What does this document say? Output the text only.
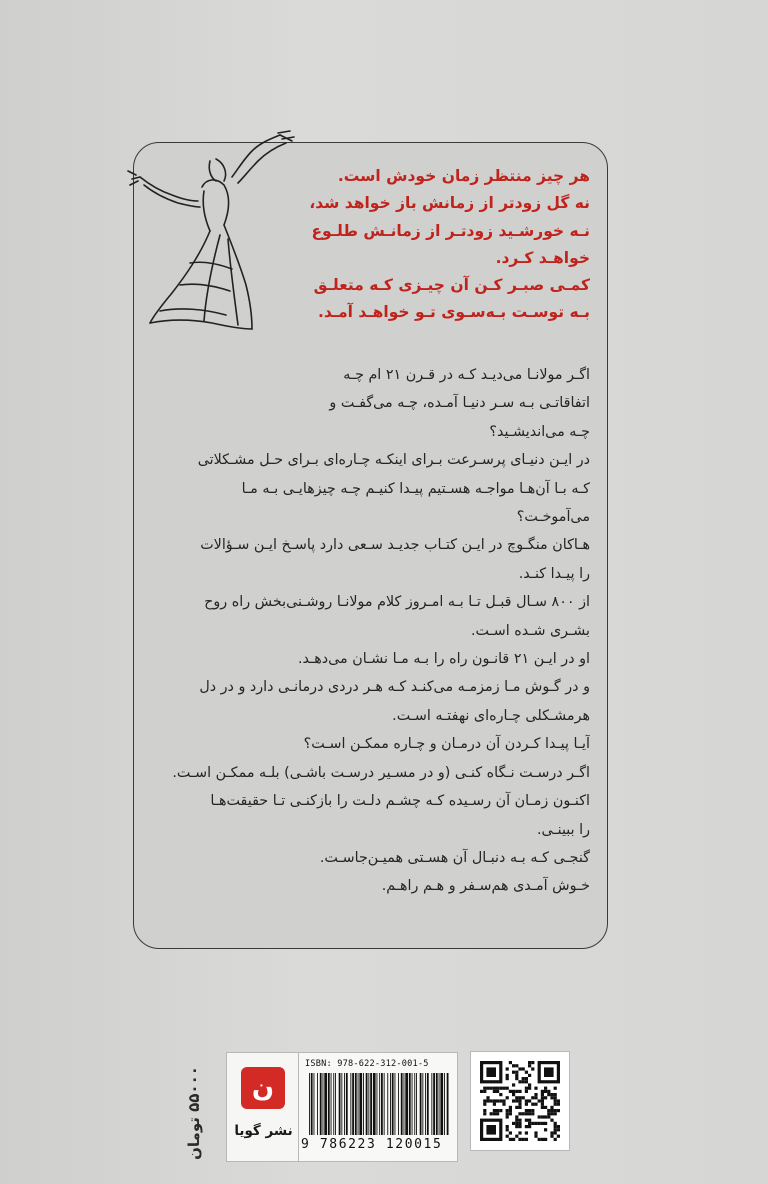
هر چیز منتظر زمان خودش است.
نه گل زودتر از زمانش باز خواهد شد،
نـه خورشـید زودتـر از زمانـش طلـوع
خواهـد کـرد.
کمـی صبـر کـن آن چیـزی کـه متعلـق
بـه توسـت بـه‌سـوی تـو خواهـد آمـد.
اگـر مولانـا می‌دیـد کـه در قـرن ۲۱ ام چـه
اتفاقاتـی بـه سـر دنیـا آمـده، چـه می‌گفـت و
چـه می‌اندیشـید؟
در ایـن دنیـای پرسـرعت بـرای اینکـه چـاره‌ای بـرای حـل مشـکلاتی
کـه بـا آن‌هـا مواجـه هسـتیم پیـدا کنیـم چـه چیزهایـی بـه مـا
می‌آموخـت؟
هـاکان منگـوچ در ایـن کتـاب جدیـد سـعی دارد پاسـخ ایـن سـؤالات
را پیـدا کنـد.
از ۸۰۰ سـال قبـل تـا بـه امـروز کلام مولانـا روشـنی‌بخش راه روح
بشـری شـده اسـت.
او در ایـن ۲۱ قانـون راه را بـه مـا نشـان می‌دهـد.
و در گـوش مـا زمزمـه می‌کنـد کـه هـر دردی درمانـی دارد و در دل
هرمشـکلی چـاره‌ای نهفتـه اسـت.
آیـا پیـدا کـردن آن درمـان و چـاره ممکـن اسـت؟
اگـر درسـت نـگاه کنـی (و در مسـیر درسـت باشـی) بلـه ممکـن اسـت.
اکنـون زمـان آن رسـیده کـه چشـم دلـت را بازکنـی تـا حقیقت‌هـا
را ببینـی.
گنجـی کـه بـه دنبـال آن هسـتی همیـن‌جاسـت.
خـوش آمـدی هم‌سـفر و هـم راهـم.
۵۵۰۰۰ تومان	ن
نشر گویا
ISBN: 978-622-312-001-5
9 786223 120015
